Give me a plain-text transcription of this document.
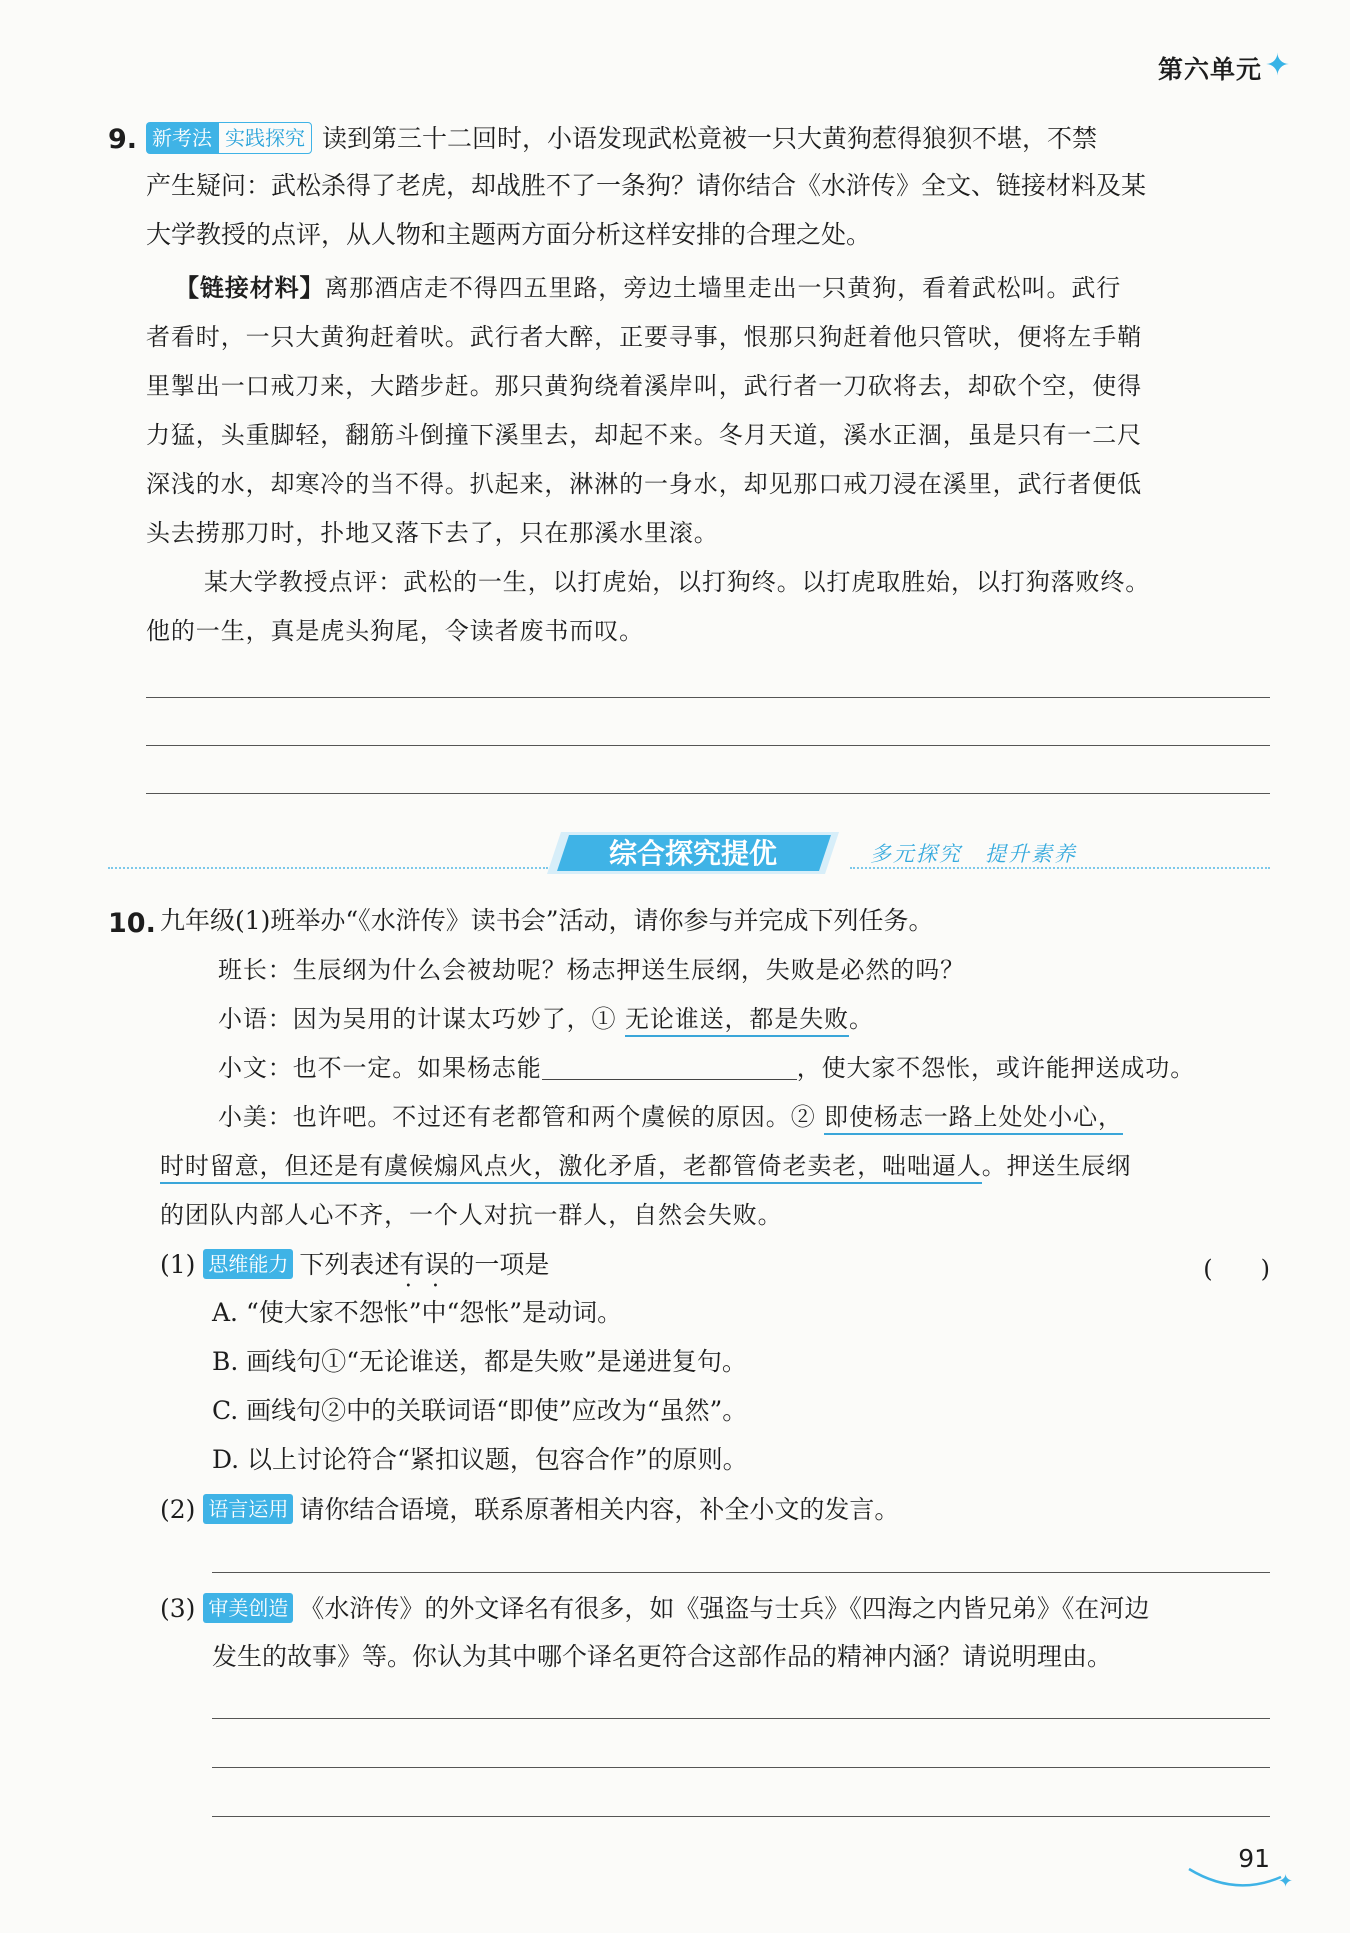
第六单元 ✦
9. 新考法 实践探究 读到第三十二回时，小语发现武松竟被一只大黄狗惹得狼狈不堪，不禁
产生疑问：武松杀得了老虎，却战胜不了一条狗？请你结合《水浒传》全文、链接材料及某
大学教授的点评，从人物和主题两方面分析这样安排的合理之处。
【链接材料】离那酒店走不得四五里路，旁边土墙里走出一只黄狗，看着武松叫。武行
者看时，一只大黄狗赶着吠。武行者大醉，正要寻事，恨那只狗赶着他只管吠，便将左手鞘
里掣出一口戒刀来，大踏步赶。那只黄狗绕着溪岸叫，武行者一刀砍将去，却砍个空，使得
力猛，头重脚轻，翻筋斗倒撞下溪里去，却起不来。冬月天道，溪水正涸，虽是只有一二尺
深浅的水，却寒冷的当不得。扒起来，淋淋的一身水，却见那口戒刀浸在溪里，武行者便低
头去捞那刀时，扑地又落下去了，只在那溪水里滚。
某大学教授点评：武松的一生，以打虎始，以打狗终。以打虎取胜始，以打狗落败终。
他的一生，真是虎头狗尾，令读者废书而叹。
综合探究提优	多元探究　提升素养
10. 九年级(1)班举办“《水浒传》读书会”活动，请你参与并完成下列任务。
班长：生辰纲为什么会被劫呢？杨志押送生辰纲，失败是必然的吗？
小语：因为吴用的计谋太巧妙了，① 无论谁送，都是失败。
小文：也不一定。如果杨志能	，使大家不怨怅，或许能押送成功。
小美：也许吧。不过还有老都管和两个虞候的原因。② 即使杨志一路上处处小心，
时时留意，但还是有虞候煽风点火，激化矛盾，老都管倚老卖老，咄咄逼人。押送生辰纲
的团队内部人心不齐，一个人对抗一群人，自然会失败。
(1) 思维能力 下列表述有误 • •的一项是	(　　)
A. “使大家不怨怅”中“怨怅”是动词。
B. 画线句①“无论谁送，都是失败”是递进复句。
C. 画线句②中的关联词语“即使”应改为“虽然”。
D. 以上讨论符合“紧扣议题，包容合作”的原则。
(2) 语言运用 请你结合语境，联系原著相关内容，补全小文的发言。
(3) 审美创造 《水浒传》的外文译名有很多，如《强盗与士兵》《四海之内皆兄弟》《在河边
发生的故事》等。你认为其中哪个译名更符合这部作品的精神内涵？请说明理由。
91
✦
